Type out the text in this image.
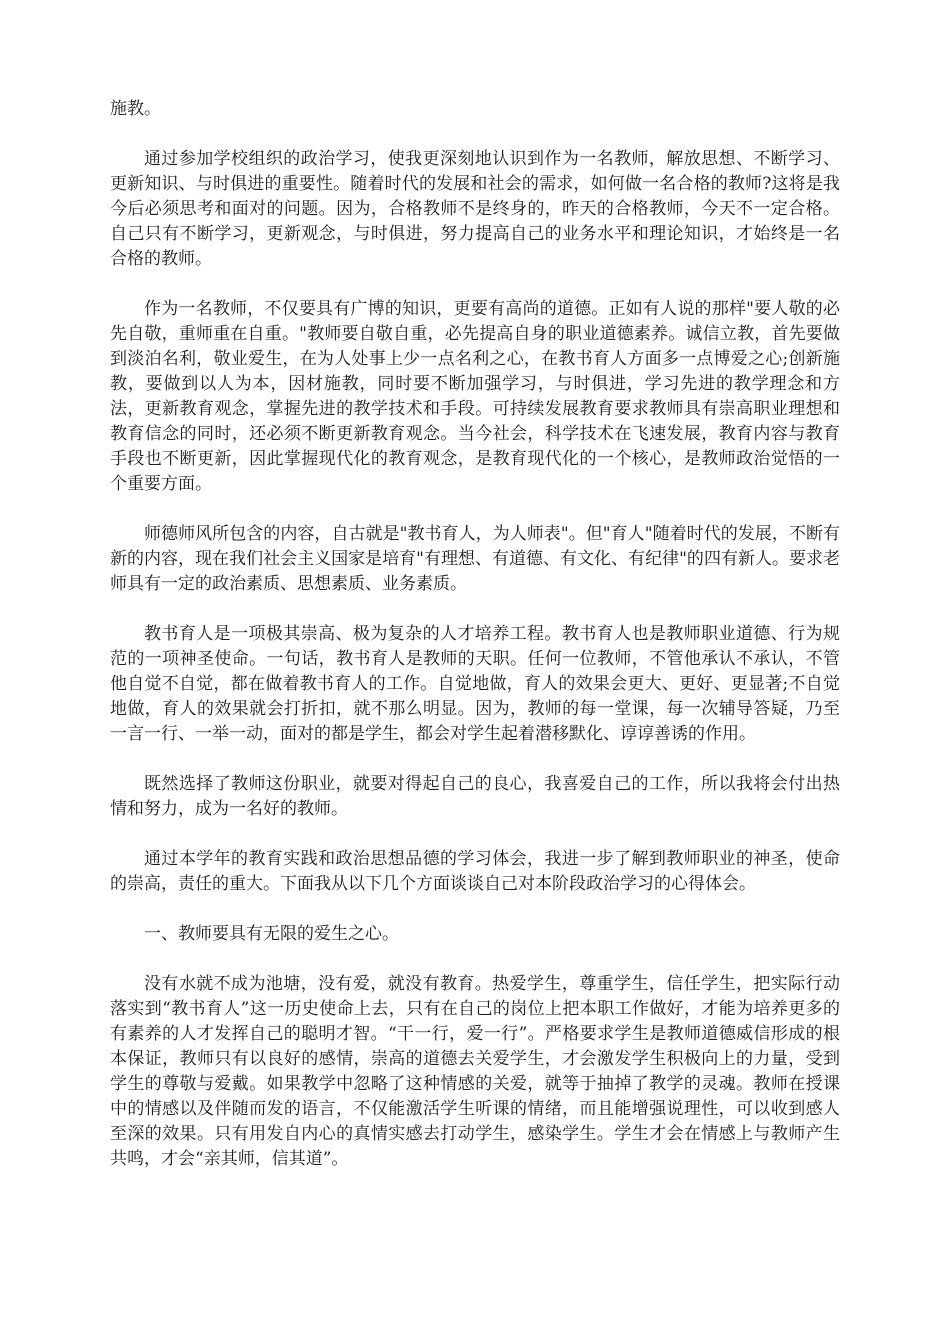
施教。

通过参加学校组织的政治学习，使我更深刻地认识到作为一名教师，解放思想、不断学习、更新知识、与时俱进的重要性。随着时代的发展和社会的需求，如何做一名合格的教师?这将是我今后必须思考和面对的问题。因为，合格教师不是终身的，昨天的合格教师，今天不一定合格。自己只有不断学习，更新观念，与时俱进，努力提高自己的业务水平和理论知识，才始终是一名合格的教师。

作为一名教师，不仅要具有广博的知识，更要有高尚的道德。正如有人说的那样"要人敬的必先自敬，重师重在自重。"教师要自敬自重，必先提高自身的职业道德素养。诚信立教，首先要做到淡泊名利，敬业爱生，在为人处事上少一点名利之心，在教书育人方面多一点博爱之心;创新施教，要做到以人为本，因材施教，同时要不断加强学习，与时俱进，学习先进的教学理念和方法，更新教育观念，掌握先进的教学技术和手段。可持续发展教育要求教师具有崇高职业理想和教育信念的同时，还必须不断更新教育观念。当今社会，科学技术在飞速发展，教育内容与教育手段也不断更新，因此掌握现代化的教育观念，是教育现代化的一个核心，是教师政治觉悟的一个重要方面。

师德师风所包含的内容，自古就是"教书育人，为人师表"。但"育人"随着时代的发展，不断有新的内容，现在我们社会主义国家是培育"有理想、有道德、有文化、有纪律"的四有新人。要求老师具有一定的政治素质、思想素质、业务素质。

教书育人是一项极其崇高、极为复杂的人才培养工程。教书育人也是教师职业道德、行为规范的一项神圣使命。一句话，教书育人是教师的天职。任何一位教师，不管他承认不承认，不管他自觉不自觉，都在做着教书育人的工作。自觉地做，育人的效果会更大、更好、更显著;不自觉地做，育人的效果就会打折扣，就不那么明显。因为，教师的每一堂课，每一次辅导答疑，乃至一言一行、一举一动，面对的都是学生，都会对学生起着潜移默化、谆谆善诱的作用。

既然选择了教师这份职业，就要对得起自己的良心，我喜爱自己的工作，所以我将会付出热情和努力，成为一名好的教师。

通过本学年的教育实践和政治思想品德的学习体会，我进一步了解到教师职业的神圣，使命的崇高，责任的重大。下面我从以下几个方面谈谈自己对本阶段政治学习的心得体会。

一、教师要具有无限的爱生之心。

没有水就不成为池塘，没有爱，就没有教育。热爱学生，尊重学生，信任学生，把实际行动落实到“教书育人”这一历史使命上去，只有在自己的岗位上把本职工作做好，才能为培养更多的有素养的人才发挥自己的聪明才智。“干一行，爱一行”。严格要求学生是教师道德威信形成的根本保证，教师只有以良好的感情，崇高的道德去关爱学生，才会激发学生积极向上的力量，受到学生的尊敬与爱戴。如果教学中忽略了这种情感的关爱，就等于抽掉了教学的灵魂。教师在授课中的情感以及伴随而发的语言，不仅能激活学生听课的情绪，而且能增强说理性，可以收到感人至深的效果。只有用发自内心的真情实感去打动学生，感染学生。学生才会在情感上与教师产生共鸣，才会“亲其师，信其道”。
